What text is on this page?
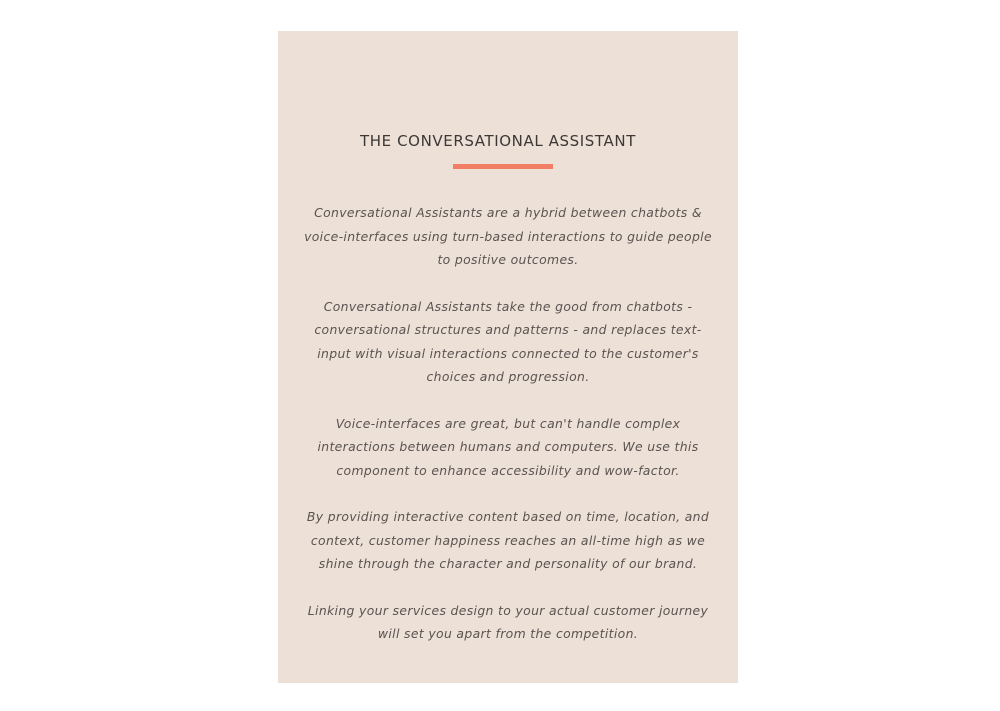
THE CONVERSATIONAL ASSISTANT

Conversational Assistants are a hybrid between chatbots & voice-interfaces using turn-based interactions to guide people to positive outcomes.

Conversational Assistants take the good from chatbots - conversational structures and patterns - and replaces text-input with visual interactions connected to the customer's choices and progression.

Voice-interfaces are great, but can't handle complex interactions between humans and computers. We use this component to enhance accessibility and wow-factor.

By providing interactive content based on time, location, and context, customer happiness reaches an all-time high as we shine through the character and personality of our brand.

Linking your services design to your actual customer journey will set you apart from the competition.
